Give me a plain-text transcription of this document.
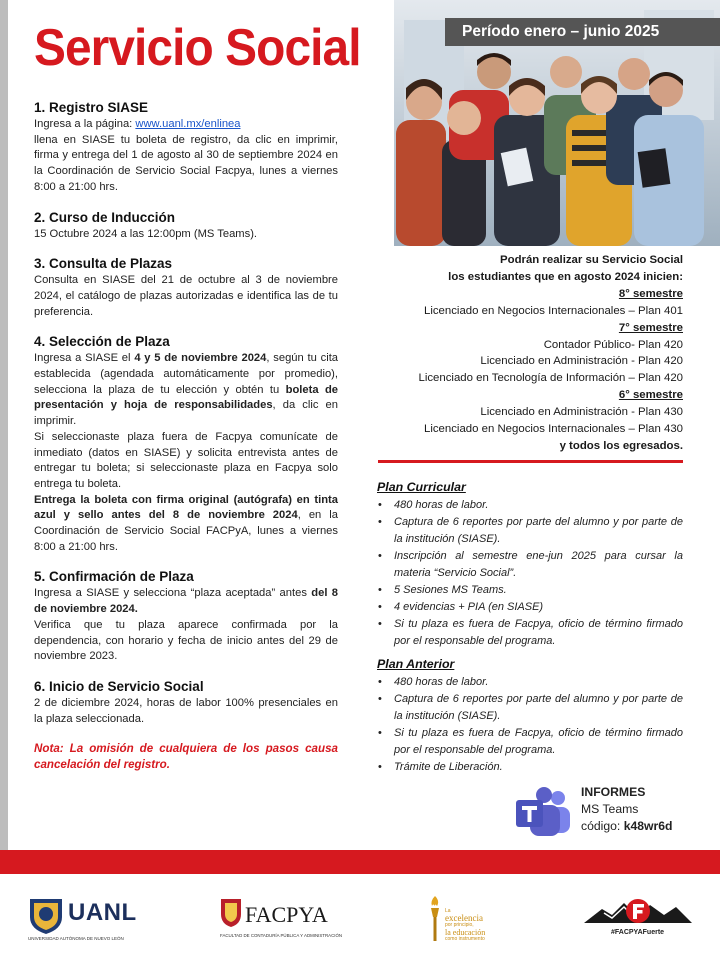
Servicio Social
1. Registro SIASE

Ingresa a la página: www.uanl.mx/enlinea
llena en SIASE tu boleta de registro, da clic en imprimir, firma y entrega del 1 de agosto al 30 de septiembre 2024 en la Coordinación de Servicio Social Facpya, lunes a viernes 8:00 a 21:00 hrs.

2. Curso de Inducción

15 Octubre 2024 a las 12:00pm (MS Teams).

3. Consulta de Plazas

Consulta en SIASE del 21 de octubre al 3 de noviembre 2024, el catálogo de plazas autorizadas e identifica las de tu preferencia.

4. Selección de Plaza

Ingresa a SIASE el 4 y 5 de noviembre 2024, según tu cita establecida (agendada automáticamente por promedio), selecciona la plaza de tu elección y obtén tu boleta de presentación y hoja de responsabilidades, da clic en imprimir.

Si seleccionaste plaza fuera de Facpya comunícate de inmediato (datos en SIASE) y solicita entrevista antes de entregar tu boleta; si seleccionaste plaza en Facpya solo entrega tu boleta.

Entrega la boleta con firma original (autógrafa) en tinta azul y sello antes del 8 de noviembre 2024, en la Coordinación de Servicio Social FACPyA, lunes a viernes 8:00 a 21:00 hrs.

5. Confirmación de Plaza

Ingresa a SIASE y selecciona “plaza aceptada” antes del 8 de noviembre 2024.

Verifica que tu plaza aparece confirmada por la dependencia, con horario y fecha de inicio antes del 29 de noviembre 2023.

6. Inicio de Servicio Social

2 de diciembre 2024, horas de labor 100% presenciales en la plaza seleccionada.

Nota: La omisión de cualquiera de los pasos causa cancelación del registro.

Período enero – junio 2025
Podrán realizar su Servicio Social
los estudiantes que en agosto 2024 inicien:
8° semestre
Licenciado en Negocios Internacionales – Plan 401
7° semestre
Contador Público- Plan 420
Licenciado en Administración - Plan 420
Licenciado en Tecnología de Información – Plan 420
6° semestre
Licenciado en Administración - Plan 430
Licenciado en Negocios Internacionales – Plan 430
y todos los egresados.
Plan Curricular
• 480 horas de labor.
• Captura de 6 reportes por parte del alumno y por parte de la institución (SIASE).
• Inscripción al semestre ene-jun 2025 para cursar la materia “Servicio Social”.
• 5 Sesiones MS Teams.
• 4 evidencias + PIA (en SIASE)
• Si tu plaza es fuera de Facpya, oficio de término firmado por el responsable del programa.
Plan Anterior
• 480 horas de labor.
• Captura de 6 reportes por parte del alumno y por parte de la institución (SIASE).
• Si tu plaza es fuera de Facpya, oficio de término firmado por el responsable del programa.
• Trámite de Liberación.
INFORMES
MS Teams
código: k48wr6d
UANL
UNIVERSIDAD AUTÓNOMA DE NUEVO LEÓN
FACPYA
FACULTAD DE CONTADURÍA PÚBLICA Y ADMINISTRACIÓN
La
excelencia
por principio,
la educación
como instrumento
#FACPYAFuerte
